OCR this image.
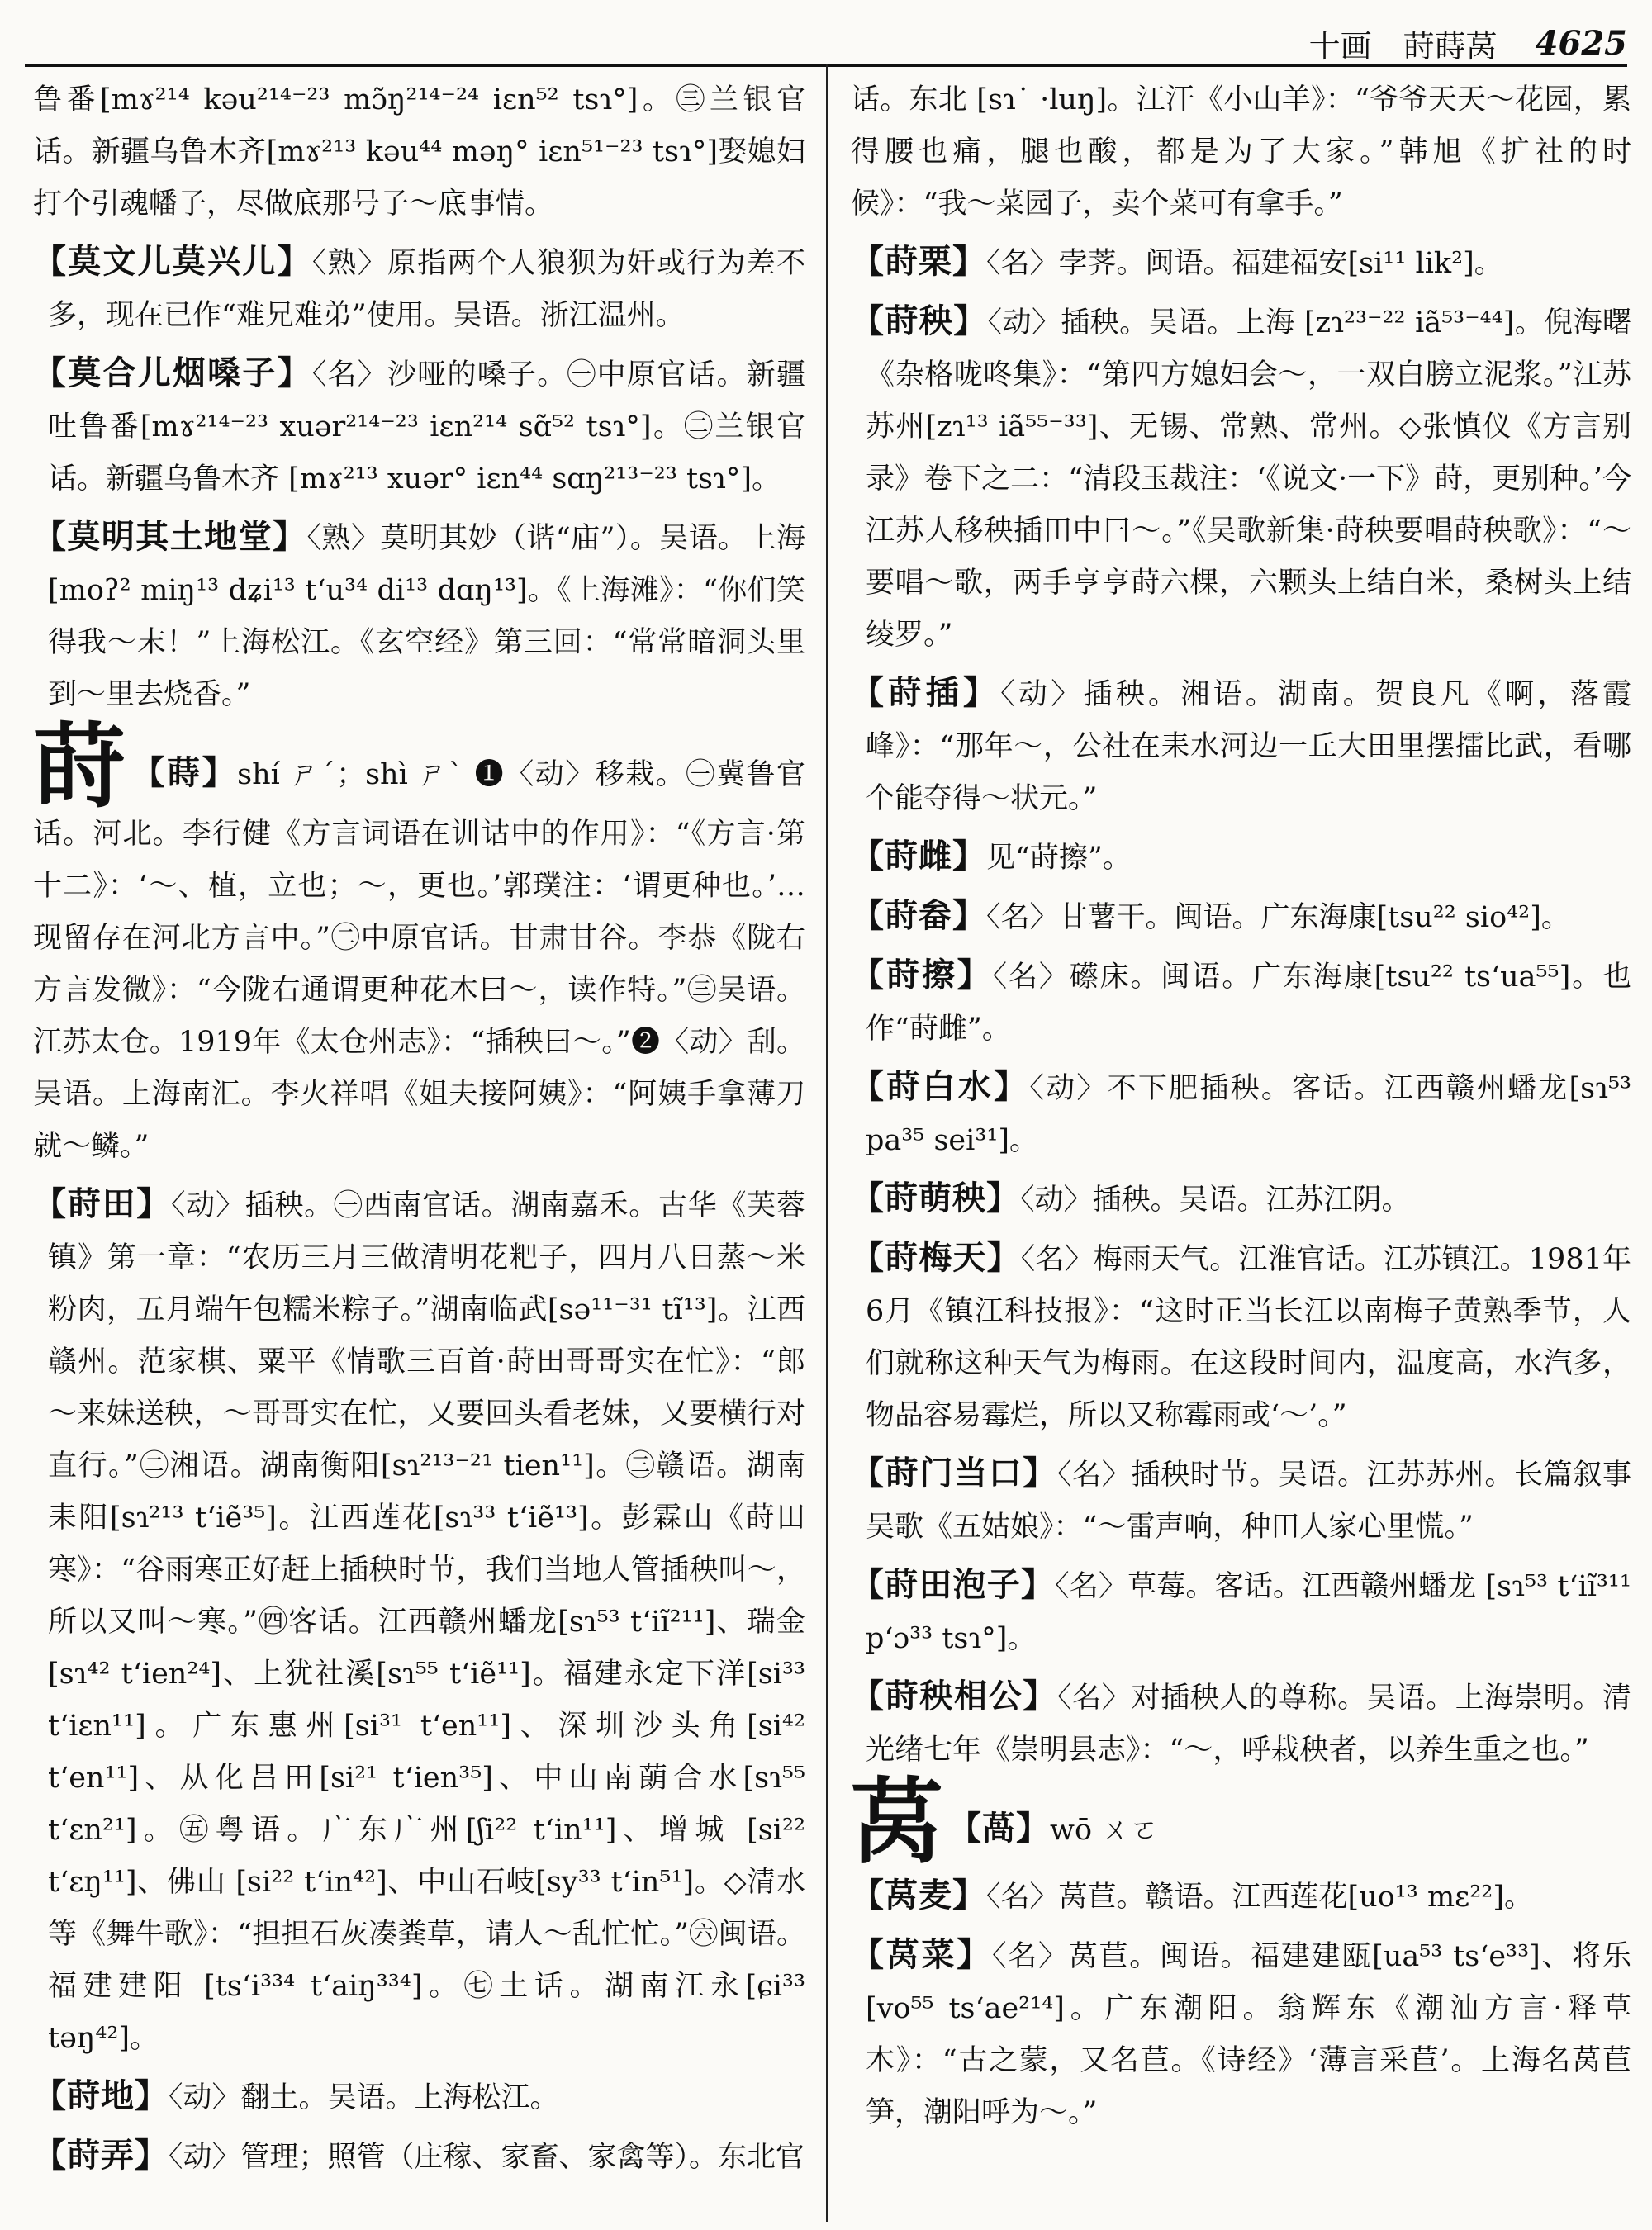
十画　莳蒔莴 4625

鲁番[mɤ²¹⁴ kəu²¹⁴⁻²³ mɔ̃ŋ²¹⁴⁻²⁴ iɛn⁵² tsɿ°]。㊂兰银官话。新疆乌鲁木齐[mɤ²¹³ kəu⁴⁴ məŋ° iɛn⁵¹⁻²³ tsɿ°]娶媳妇打个引魂幡子，尽做底那号子～底事情。

【莫文儿莫兴儿】〈熟〉原指两个人狼狈为奸或行为差不多，现在已作“难兄难弟”使用。吴语。浙江温州。

【莫合儿烟嗓子】〈名〉沙哑的嗓子。㊀中原官话。新疆吐鲁番[mɤ²¹⁴⁻²³ xuər²¹⁴⁻²³ iɛn²¹⁴ sɑ̃⁵² tsɿ°]。㊁兰银官话。新疆乌鲁木齐 [mɤ²¹³ xuər° iɛn⁴⁴ sɑŋ²¹³⁻²³ tsɿ°]。

【莫明其土地堂】〈熟〉莫明其妙（谐“庙”）。吴语。上海[moʔ² miŋ¹³ dʑi¹³ t‘u³⁴ di¹³ dɑŋ¹³]。《上海滩》：“你们笑得我～末！”上海松江。《玄空经》第三回：“常常暗洞头里到～里去烧香。”

莳 【蒔】shí ㄕˊ；shì ㄕˋ ❶〈动〉移栽。㊀冀鲁官话。河北。李行健《方言词语在训诂中的作用》：“《方言·第十二》：‘～、植，立也；～，更也。’郭璞注：‘谓更种也。’…现留存在河北方言中。”㊁中原官话。甘肃甘谷。李恭《陇右方言发微》：“今陇右通谓更种花木曰～，读作特。”㊂吴语。江苏太仓。1919年《太仓州志》：“插秧曰～。”❷〈动〉刮。吴语。上海南汇。李火祥唱《姐夫接阿姨》：“阿姨手拿薄刀就～鳞。”

【莳田】〈动〉插秧。㊀西南官话。湖南嘉禾。古华《芙蓉镇》第一章：“农历三月三做清明花粑子，四月八日蒸～米粉肉，五月端午包糯米粽子。”湖南临武[sə¹¹⁻³¹ tĩ¹³]。江西赣州。范家棋、粟平《情歌三百首·莳田哥哥实在忙》：“郎～来妹送秧，～哥哥实在忙，又要回头看老妹，又要横行对直行。”㊁湘语。湖南衡阳[sɿ²¹³⁻²¹ tien¹¹]。㊂赣语。湖南耒阳[sɿ²¹³ t‘iẽ³⁵]。江西莲花[sɿ³³ t‘iẽ¹³]。彭霖山《莳田寒》：“谷雨寒正好赶上插秧时节，我们当地人管插秧叫～，所以又叫～寒。”㊃客话。江西赣州蟠龙[sɿ⁵³ t‘iĩ²¹¹]、瑞金[sɿ⁴² t‘ien²⁴]、上犹社溪[sɿ⁵⁵ t‘iẽ¹¹]。福建永定下洋[si³³ t‘iɛn¹¹]。广东惠州[si³¹ t‘en¹¹]、深圳沙头角[si⁴² t‘en¹¹]、从化吕田[si²¹ t‘ien³⁵]、中山南蓢合水[sɿ⁵⁵ t‘ɛn²¹]。㊄粤语。广东广州[ʃi²² t‘in¹¹]、增城 [si²² t‘ɛŋ¹¹]、佛山 [si²² t‘in⁴²]、中山石岐[sy³³ t‘in⁵¹]。◇清水等《舞牛歌》：“担担石灰凑粪草，请人～乱忙忙。”㊅闽语。福建建阳 [ts‘i³³⁴ t‘aiŋ³³⁴]。㊆土话。湖南江永[ɕi³³ təŋ⁴²]。

【莳地】〈动〉翻土。吴语。上海松江。

【莳弄】〈动〉管理；照管（庄稼、家畜、家禽等）。东北官

话。东北 [sɿ˙ ·luŋ]。江汗《小山羊》：“爷爷天天～花园，累得腰也痛，腿也酸，都是为了大家。”韩旭《扩社的时候》：“我～菜园子，卖个菜可有拿手。”

【莳栗】〈名〉孛荠。闽语。福建福安[si¹¹ lik²]。

【莳秧】〈动〉插秧。吴语。上海 [zɿ²³⁻²² iã⁵³⁻⁴⁴]。倪海曙《杂格咙咚集》：“第四方媳妇会～，一双白膀立泥浆。”江苏苏州[zɿ¹³ iã⁵⁵⁻³³]、无锡、常熟、常州。◇张慎仪《方言别录》卷下之二：“清段玉裁注：‘《说文·一下》莳，更别种。’今江苏人移秧插田中曰～。”《吴歌新集·莳秧要唱莳秧歌》：“～要唱～歌，两手亨亨莳六棵，六颗头上结白米，桑树头上结绫罗。”

【莳插】〈动〉插秧。湘语。湖南。贺良凡《啊，落霞峰》：“那年～，公社在耒水河边一丘大田里摆擂比武，看哪个能夺得～状元。”

【莳雌】见“莳擦”。

【莳畚】〈名〉甘薯干。闽语。广东海康[tsu²² sio⁴²]。

【莳擦】〈名〉礤床。闽语。广东海康[tsu²² ts‘ua⁵⁵]。也作“莳雌”。

【莳白水】〈动〉不下肥插秧。客话。江西赣州蟠龙[sɿ⁵³ pa³⁵ sei³¹]。

【莳萌秧】〈动〉插秧。吴语。江苏江阴。

【莳梅天】〈名〉梅雨天气。江淮官话。江苏镇江。1981年6月《镇江科技报》：“这时正当长江以南梅子黄熟季节，人们就称这种天气为梅雨。在这段时间内，温度高，水汽多，物品容易霉烂，所以又称霉雨或‘～’。”

【莳门当口】〈名〉插秧时节。吴语。江苏苏州。长篇叙事吴歌《五姑娘》：“～雷声响，种田人家心里慌。”

【莳田泡子】〈名〉草莓。客话。江西赣州蟠龙 [sɿ⁵³ t‘iĩ³¹¹ p‘ɔ³³ tsɿ°]。

【莳秧相公】〈名〉对插秧人的尊称。吴语。上海崇明。清光绪七年《崇明县志》：“～，呼栽秧者，以养生重之也。”

莴 【萵】wō ㄨㄛ

【莴麦】〈名〉莴苣。赣语。江西莲花[uo¹³ mɛ²²]。

【莴菜】〈名〉莴苣。闽语。福建建瓯[ua⁵³ ts‘e³³]、将乐[vo⁵⁵ ts‘ae²¹⁴]。广东潮阳。翁辉东《潮汕方言·释草木》：“古之蒙，又名苣。《诗经》‘薄言采苣’。上海名莴苣笋，潮阳呼为～。”
